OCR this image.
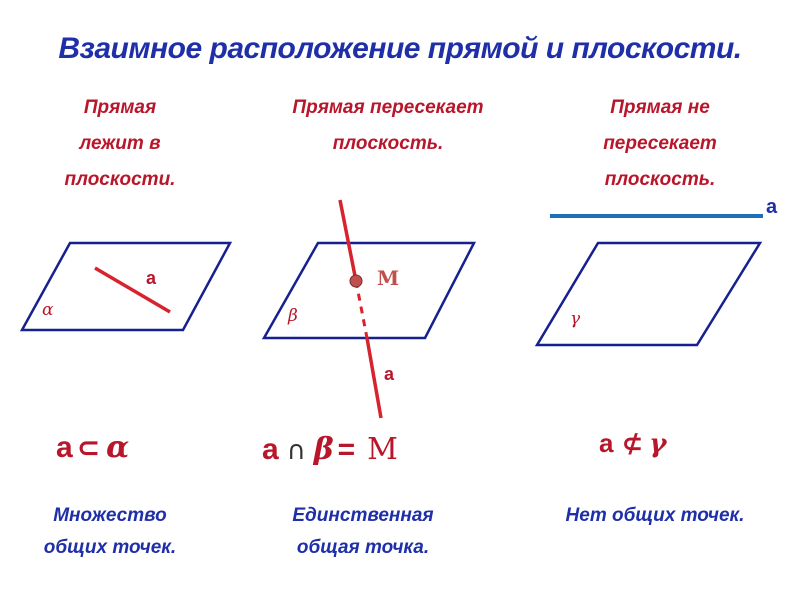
Взаимное расположение прямой и плоскости.
Прямая
лежит в
плоскости.
Прямая пересекает
плоскость.
Прямая не
пересекает
плоскость.
a
α
M
β
a
a
γ
a ⊂ α	a ∩ β = M	a ⊄ γ
Множество
общих точек.
Единственная
общая точка.
Нет общих точек.
